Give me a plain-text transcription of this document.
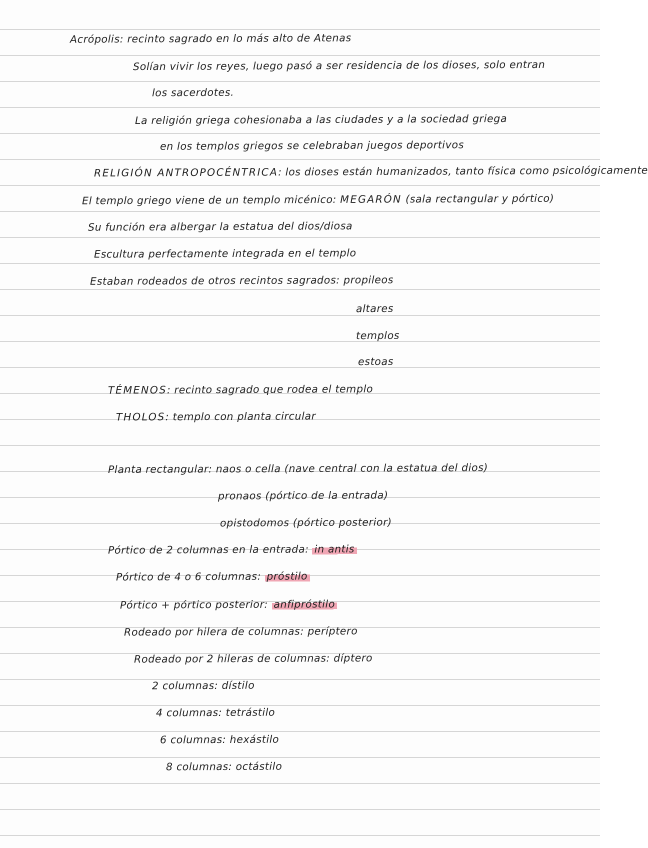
Acrópolis: recinto sagrado en lo más alto de Atenas
Solían vivir los reyes, luego pasó a ser residencia de los dioses, solo entran
los sacerdotes.
La religión griega cohesionaba a las ciudades y a la sociedad griega
en los templos griegos se celebraban juegos deportivos
RELIGIÓN ANTROPOCÉNTRICA: los dioses están humanizados, tanto física como psicológicamente
El templo griego viene de un templo micénico: MEGARÓN (sala rectangular y pórtico)
Su función era albergar la estatua del dios/diosa
Escultura perfectamente integrada en el templo
Estaban rodeados de otros recintos sagrados: propileos
altares
templos
estoas
TÉMENOS: recinto sagrado que rodea el templo
THOLOS: templo con planta circular
Planta rectangular: naos o cella (nave central con la estatua del dios)
pronaos (pórtico de la entrada)
opistodomos (pórtico posterior)
Pórtico de 2 columnas en la entrada: in antis
Pórtico de 4 o 6 columnas: próstilo
Pórtico + pórtico posterior: anfipróstilo
Rodeado por hilera de columnas: períptero
Rodeado por 2 hileras de columnas: díptero
2 columnas: dístilo
4 columnas: tetrástilo
6 columnas: hexástilo
8 columnas: octástilo
